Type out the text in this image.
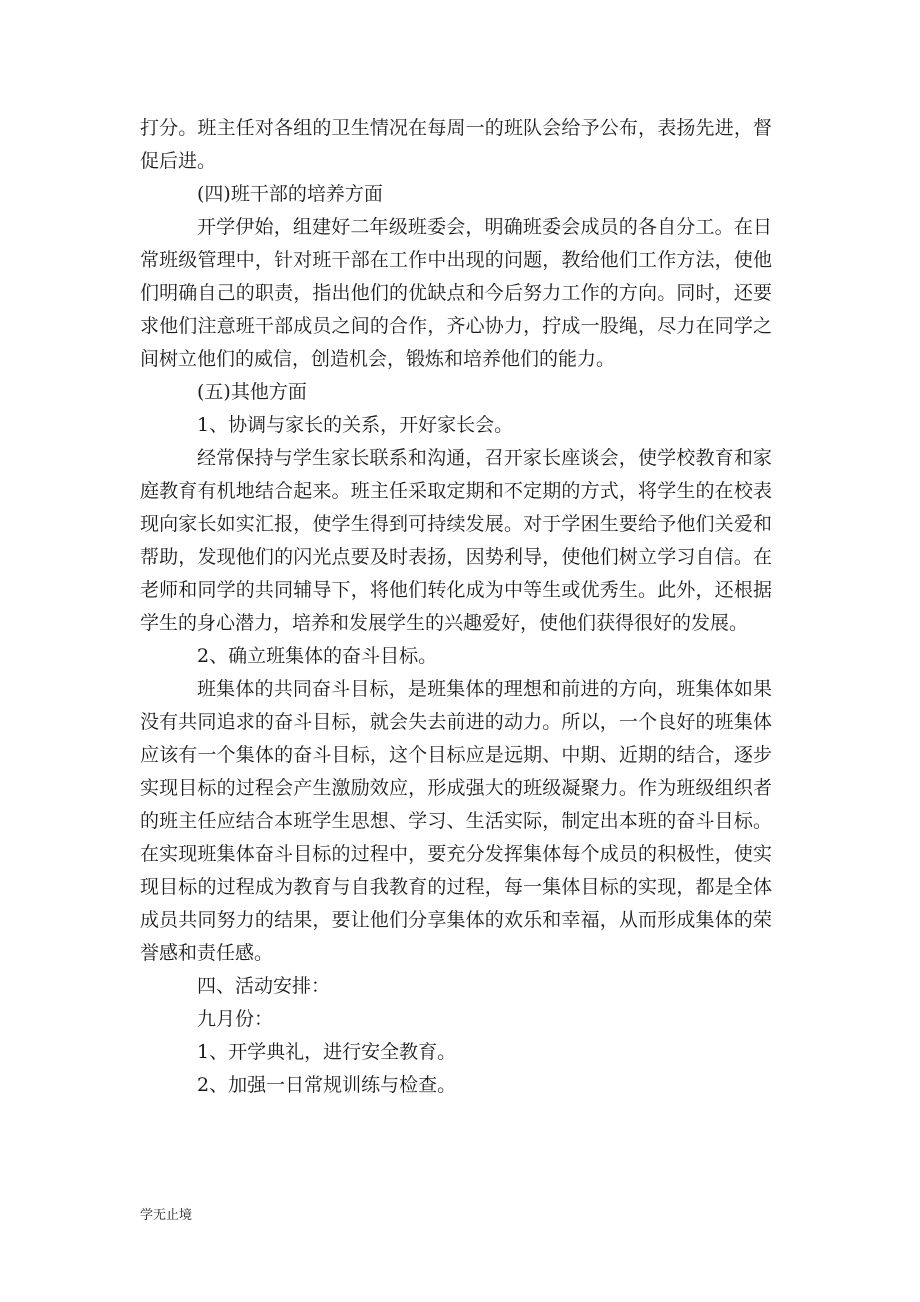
打分。班主任对各组的卫生情况在每周一的班队会给予公布，表扬先进，督促后进。

(四)班干部的培养方面

开学伊始，组建好二年级班委会，明确班委会成员的各自分工。在日常班级管理中，针对班干部在工作中出现的问题，教给他们工作方法，使他们明确自己的职责，指出他们的优缺点和今后努力工作的方向。同时，还要求他们注意班干部成员之间的合作，齐心协力，拧成一股绳，尽力在同学之间树立他们的威信，创造机会，锻炼和培养他们的能力。

(五)其他方面

1、协调与家长的关系，开好家长会。

经常保持与学生家长联系和沟通，召开家长座谈会，使学校教育和家庭教育有机地结合起来。班主任采取定期和不定期的方式，将学生的在校表现向家长如实汇报，使学生得到可持续发展。对于学困生要给予他们关爱和帮助，发现他们的闪光点要及时表扬，因势利导，使他们树立学习自信。在老师和同学的共同辅导下，将他们转化成为中等生或优秀生。此外，还根据学生的身心潜力，培养和发展学生的兴趣爱好，使他们获得很好的发展。

2、确立班集体的奋斗目标。

班集体的共同奋斗目标，是班集体的理想和前进的方向，班集体如果没有共同追求的奋斗目标，就会失去前进的动力。所以，一个良好的班集体应该有一个集体的奋斗目标，这个目标应是远期、中期、近期的结合，逐步实现目标的过程会产生激励效应，形成强大的班级凝聚力。作为班级组织者的班主任应结合本班学生思想、学习、生活实际，制定出本班的奋斗目标。在实现班集体奋斗目标的过程中，要充分发挥集体每个成员的积极性，使实现目标的过程成为教育与自我教育的过程，每一集体目标的实现，都是全体成员共同努力的结果，要让他们分享集体的欢乐和幸福，从而形成集体的荣誉感和责任感。

四、活动安排：

九月份：

1、开学典礼，进行安全教育。

2、加强一日常规训练与检查。

学无止境
